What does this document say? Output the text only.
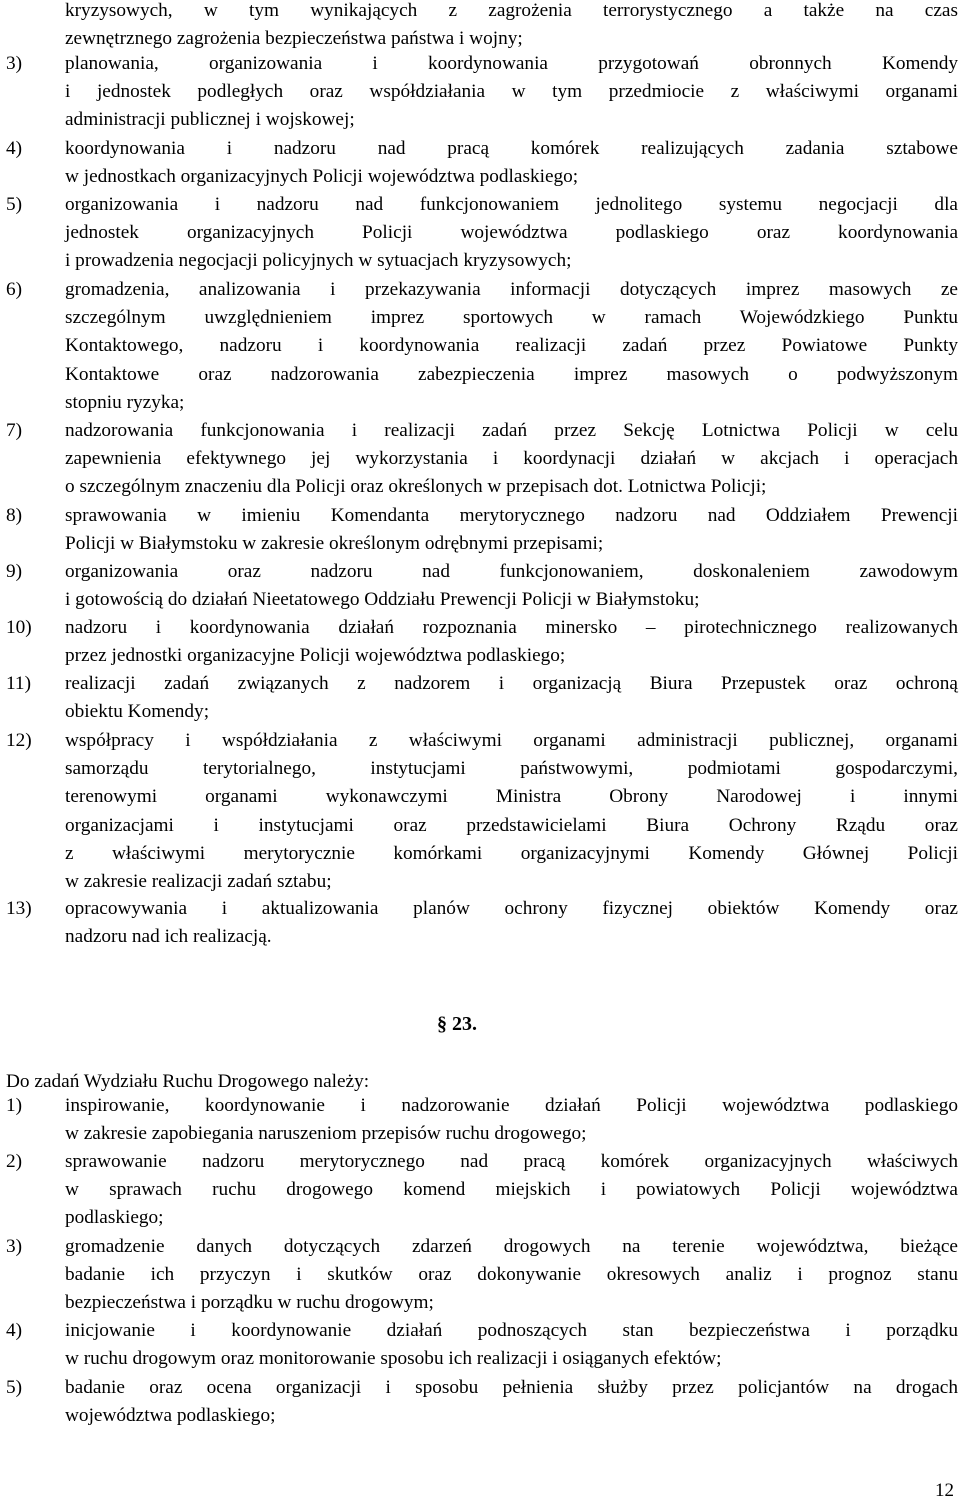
kryzysowych, w tym wynikających z zagrożenia terrorystycznego a także na czas
zewnętrznego zagrożenia bezpieczeństwa państwa i wojny;
3) planowania, organizowania i koordynowania przygotowań obronnych Komendy
i jednostek podległych oraz współdziałania w tym przedmiocie z właściwymi organami
administracji publicznej i wojskowej;
4) koordynowania i nadzoru nad pracą komórek realizujących zadania sztabowe
w jednostkach organizacyjnych Policji województwa podlaskiego;
5) organizowania i nadzoru nad funkcjonowaniem jednolitego systemu negocjacji dla
jednostek organizacyjnych Policji województwa podlaskiego oraz koordynowania
i prowadzenia negocjacji policyjnych w sytuacjach kryzysowych;
6) gromadzenia, analizowania i przekazywania informacji dotyczących imprez masowych ze
szczególnym uwzględnieniem imprez sportowych w ramach Wojewódzkiego Punktu
Kontaktowego, nadzoru i koordynowania realizacji zadań przez Powiatowe Punkty
Kontaktowe oraz nadzorowania zabezpieczenia imprez masowych o podwyższonym
stopniu ryzyka;
7) nadzorowania funkcjonowania i realizacji zadań przez Sekcję Lotnictwa Policji w celu
zapewnienia efektywnego jej wykorzystania i koordynacji działań w akcjach i operacjach
o szczególnym znaczeniu dla Policji oraz określonych w przepisach dot. Lotnictwa Policji;
8) sprawowania w imieniu Komendanta merytorycznego nadzoru nad Oddziałem Prewencji
Policji w Białymstoku w zakresie określonym odrębnymi przepisami;
9) organizowania oraz nadzoru nad funkcjonowaniem, doskonaleniem zawodowym
i gotowością do działań Nieetatowego Oddziału Prewencji Policji w Białymstoku;
10) nadzoru i koordynowania działań rozpoznania minersko – pirotechnicznego realizowanych
przez jednostki organizacyjne Policji województwa podlaskiego;
11) realizacji zadań związanych z nadzorem i organizacją Biura Przepustek oraz ochroną
obiektu Komendy;
12) współpracy i współdziałania z właściwymi organami administracji publicznej, organami
samorządu terytorialnego, instytucjami państwowymi, podmiotami gospodarczymi,
terenowymi organami wykonawczymi Ministra Obrony Narodowej i innymi
organizacjami i instytucjami oraz przedstawicielami Biura Ochrony Rządu oraz
z właściwymi merytorycznie komórkami organizacyjnymi Komendy Głównej Policji
w zakresie realizacji zadań sztabu;
13) opracowywania i aktualizowania planów ochrony fizycznej obiektów Komendy oraz
nadzoru nad ich realizacją.
§ 23.
Do zadań Wydziału Ruchu Drogowego należy:
1) inspirowanie, koordynowanie i nadzorowanie działań Policji województwa podlaskiego
w zakresie zapobiegania naruszeniom przepisów ruchu drogowego;
2) sprawowanie nadzoru merytorycznego nad pracą komórek organizacyjnych właściwych
w sprawach ruchu drogowego komend miejskich i powiatowych Policji województwa
podlaskiego;
3) gromadzenie danych dotyczących zdarzeń drogowych na terenie województwa, bieżące
badanie ich przyczyn i skutków oraz dokonywanie okresowych analiz i prognoz stanu
bezpieczeństwa i porządku w ruchu drogowym;
4) inicjowanie i koordynowanie działań podnoszących stan bezpieczeństwa i porządku
w ruchu drogowym oraz monitorowanie sposobu ich realizacji i osiąganych efektów;
5) badanie oraz ocena organizacji i sposobu pełnienia służby przez policjantów na drogach
województwa podlaskiego;
12
